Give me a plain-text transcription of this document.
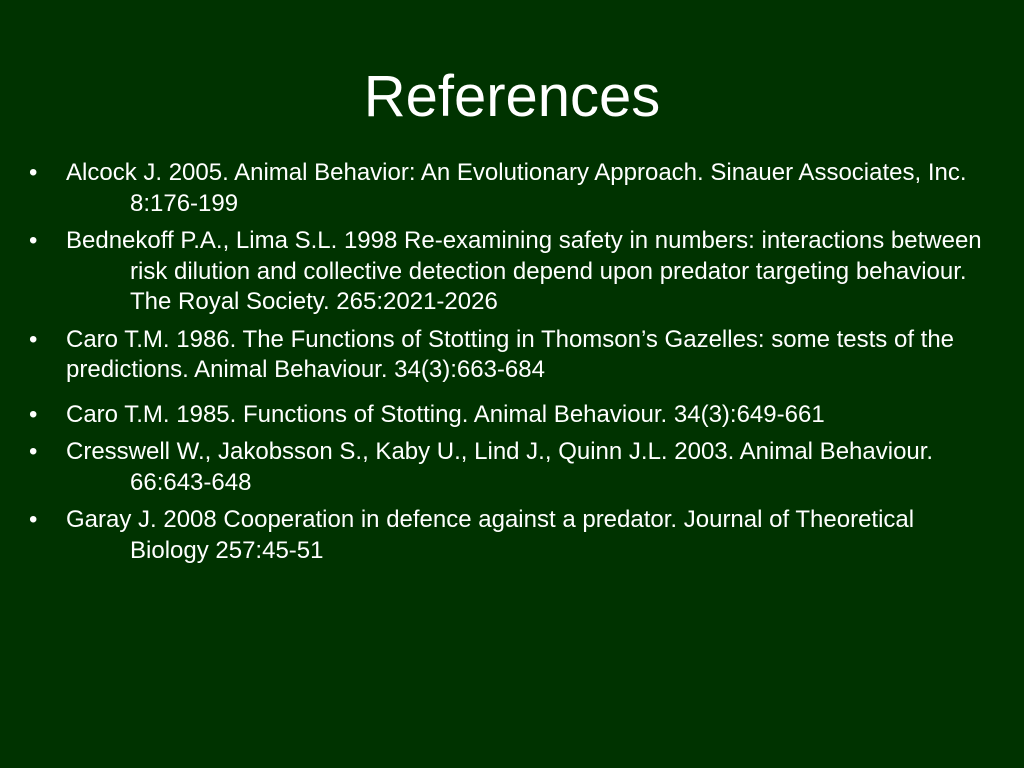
References
• Alcock J. 2005. Animal Behavior: An Evolutionary Approach. Sinauer Associates, Inc. 8:176-199
• Bednekoff P.A., Lima S.L. 1998 Re-examining safety in numbers: interactions between risk dilution and collective detection depend upon predator targeting behaviour. The Royal Society. 265:2021-2026
• Caro T.M. 1986. The Functions of Stotting in Thomson’s Gazelles: some tests of the predictions. Animal Behaviour. 34(3):663-684
• Caro T.M. 1985. Functions of Stotting. Animal Behaviour. 34(3):649-661
• Cresswell W., Jakobsson S., Kaby U., Lind J., Quinn J.L. 2003. Animal Behaviour. 66:643-648
• Garay J. 2008 Cooperation in defence against a predator. Journal of Theoretical Biology 257:45-51
